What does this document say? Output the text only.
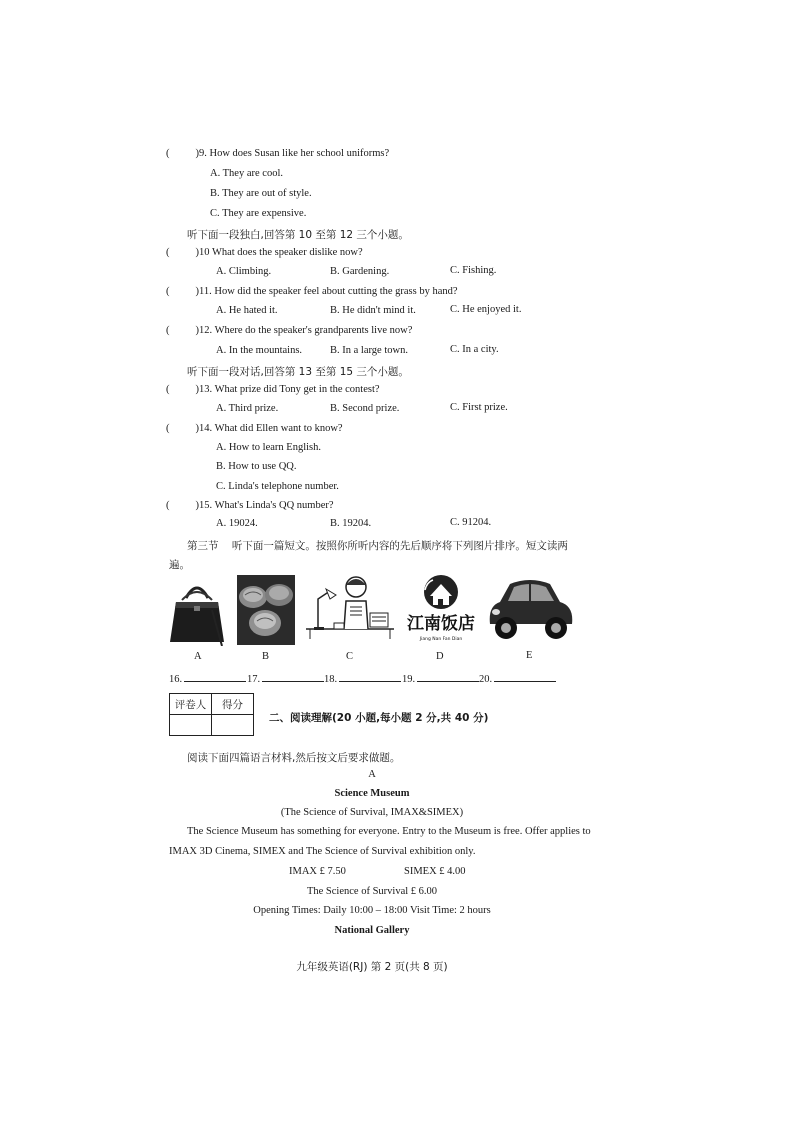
( )9. How does Susan like her school uniforms?
A. They are cool.
B. They are out of style.
C. They are expensive.
听下面一段独白,回答第 10 至第 12 三个小题。
( )10 What does the speaker dislike now?
A. Climbing.	B. Gardening.	C. Fishing.
( )11. How did the speaker feel about cutting the grass by hand?
A. He hated it.	B. He didn't mind it.	C. He enjoyed it.
( )12. Where do the speaker's grandparents live now?
A. In the mountains.	B. In a large town.	C. In a city.
听下面一段对话,回答第 13 至第 15 三个小题。
( )13. What prize did Tony get in the contest?
A. Third prize.	B. Second prize.	C. First prize.
( )14. What did Ellen want to know?
A. How to learn English.
B. How to use QQ.
C. Linda's telephone number.
( )15. What's Linda's QQ number?
A. 19024.	B. 19204.	C. 91204.
第三节 听下面一篇短文。按照你所听内容的先后顺序将下列图片排序。短文读两
遍。
江南饭店
Jiang Nan Fan Dian
A	B	C	D	E
16.	17.	18.	19.	20.
评卷人	得分

二、阅读理解(20 小题,每小题 2 分,共 40 分)
阅读下面四篇语言材料,然后按文后要求做题。
A
Science Museum
(The Science of Survival, IMAX&SIMEX)
The Science Museum has something for everyone. Entry to the Museum is free. Offer applies to
IMAX 3D Cinema, SIMEX and The Science of Survival exhibition only.
IMAX £ 7.50	SIMEX £ 4.00
The Science of Survival £ 6.00
Opening Times: Daily 10:00 – 18:00 Visit Time: 2 hours
National Gallery
九年级英语(RJ) 第 2 页(共 8 页)
